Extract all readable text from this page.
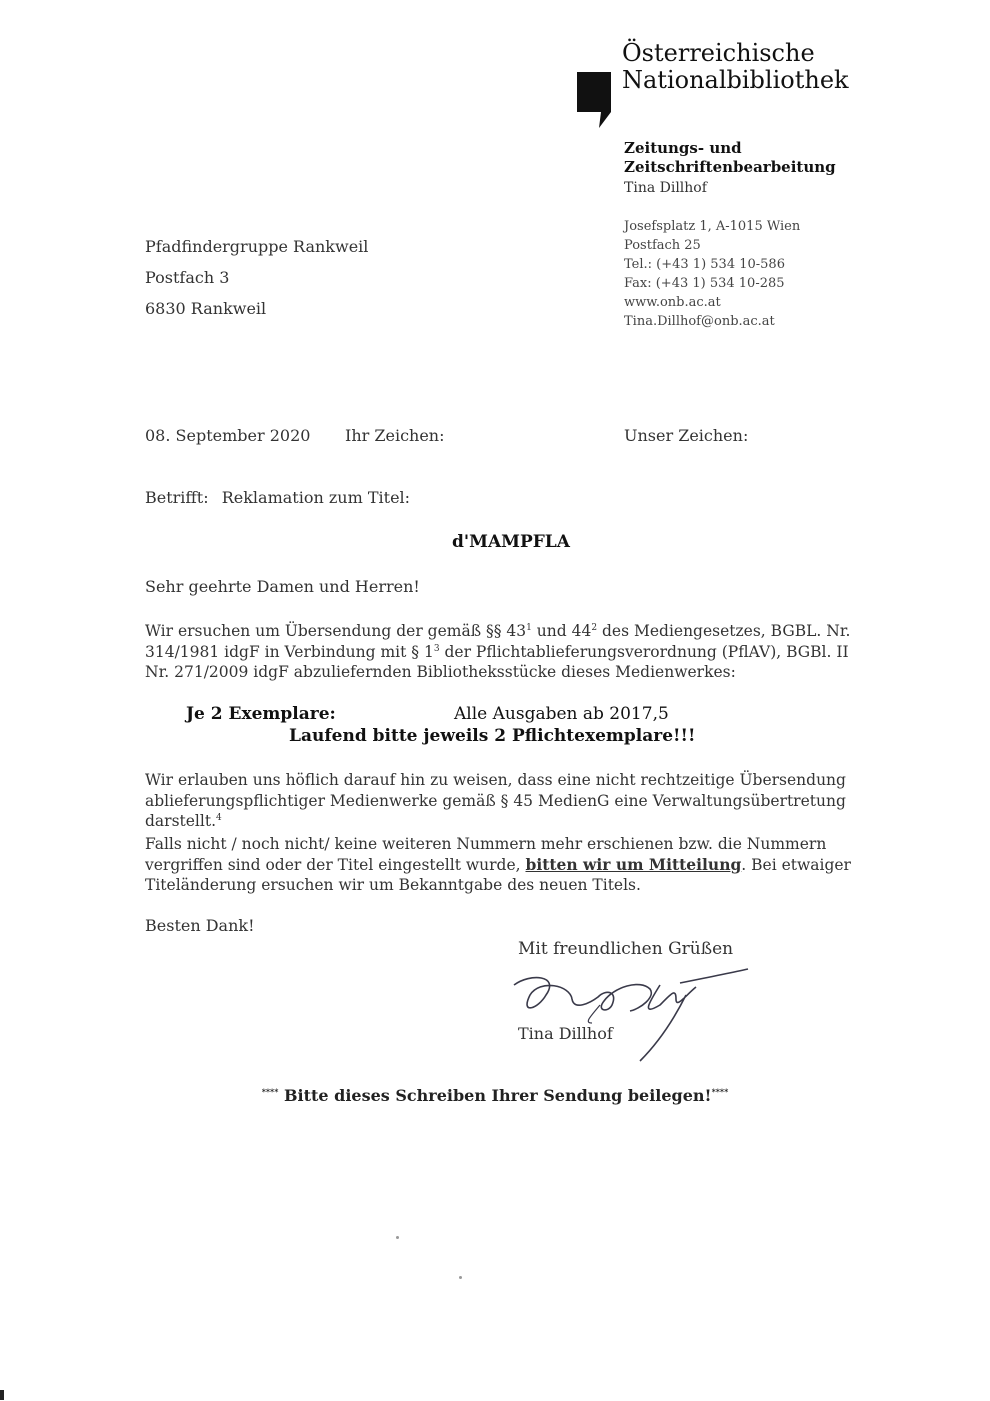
Österreichische
Nationalbibliothek
Zeitungs- und
Zeitschriftenbearbeitung
Tina Dillhof
Josefsplatz 1, A-1015 Wien
Postfach 25
Tel.: (+43 1) 534 10-586
Fax: (+43 1) 534 10-285
www.onb.ac.at
Tina.Dillhof@onb.ac.at
Pfadfindergruppe Rankweil
Postfach 3
6830 Rankweil
08. September 2020 Ihr Zeichen:	Unser Zeichen:
Betrifft: Reklamation zum Titel:
d'MAMPFLA
Sehr geehrte Damen und Herren!
Wir ersuchen um Übersendung der gemäß §§ $43^1$ und $44^2$ des Mediengesetzes, BGBL. Nr. 314/1981 idgF in Verbindung mit § $1^3$ der Pflichtablieferungsverordnung (PflAV), BGBl. II Nr. 271/2009 idgF abzuliefernden Bibliotheksstücke dieses Medienwerkes:
Je 2 Exemplare:	Alle Ausgaben ab 2017,5
Laufend bitte jeweils 2 Pflichtexemplare!!!
Wir erlauben uns höflich darauf hin zu weisen, dass eine nicht rechtzeitige Übersendung ablieferungspflichtiger Medienwerke gemäß § 45 MedienG eine Verwaltungsübertretung darstellt.$^4$
Falls nicht / noch nicht/ keine weiteren Nummern mehr erschienen bzw. die Nummern vergriffen sind oder der Titel eingestellt wurde, bitten wir um Mitteilung. Bei etwaiger Titeländerung ersuchen wir um Bekanntgabe des neuen Titels.
Besten Dank!
Mit freundlichen Grüßen
Tina Dillhof
**** Bitte dieses Schreiben Ihrer Sendung beilegen!****
